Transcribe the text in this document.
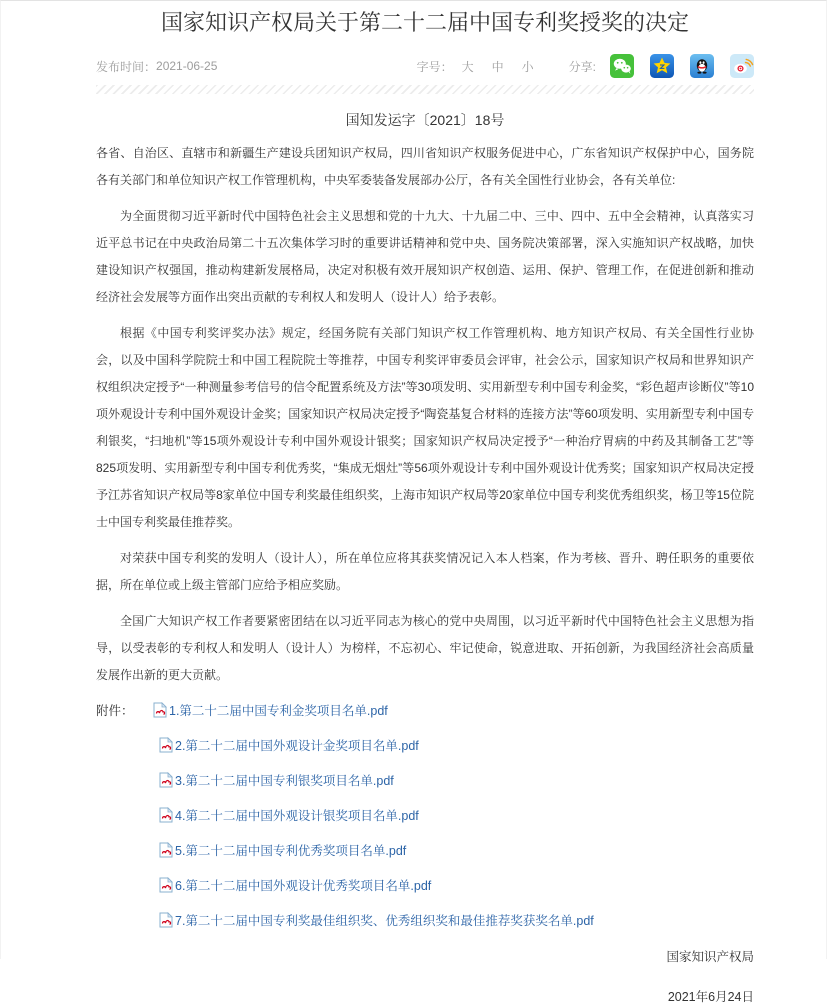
国家知识产权局关于第二十二届中国专利奖授奖的决定
发布时间： 2021-06-25	字号： 大 中 小	分享:
国知发运字〔2021〕18号

各省、自治区、直辖市和新疆生产建设兵团知识产权局，四川省知识产权服务促进中心，广东省知识产权保护中心，国务院各有关部门和单位知识产权工作管理机构，中央军委装备发展部办公厅，各有关全国性行业协会，各有关单位:

为全面贯彻习近平新时代中国特色社会主义思想和党的十九大、十九届二中、三中、四中、五中全会精神，认真落实习近平总书记在中央政治局第二十五次集体学习时的重要讲话精神和党中央、国务院决策部署，深入实施知识产权战略，加快建设知识产权强国，推动构建新发展格局，决定对积极有效开展知识产权创造、运用、保护、管理工作，在促进创新和推动经济社会发展等方面作出突出贡献的专利权人和发明人（设计人）给予表彰。

根据《中国专利奖评奖办法》规定，经国务院有关部门知识产权工作管理机构、地方知识产权局、有关全国性行业协会，以及中国科学院院士和中国工程院院士等推荐，中国专利奖评审委员会评审，社会公示，国家知识产权局和世界知识产权组织决定授予“一种测量参考信号的信令配置系统及方法”等30项发明、实用新型专利中国专利金奖，“彩色超声诊断仪”等10项外观设计专利中国外观设计金奖；国家知识产权局决定授予“陶瓷基复合材料的连接方法”等60项发明、实用新型专利中国专利银奖，“扫地机”等15项外观设计专利中国外观设计银奖；国家知识产权局决定授予“一种治疗胃病的中药及其制备工艺”等825项发明、实用新型专利中国专利优秀奖，“集成无烟灶”等56项外观设计专利中国外观设计优秀奖；国家知识产权局决定授予江苏省知识产权局等8家单位中国专利奖最佳组织奖，上海市知识产权局等20家单位中国专利奖优秀组织奖，杨卫等15位院士中国专利奖最佳推荐奖。

对荣获中国专利奖的发明人（设计人），所在单位应将其获奖情况记入本人档案，作为考核、晋升、聘任职务的重要依据，所在单位或上级主管部门应给予相应奖励。

全国广大知识产权工作者要紧密团结在以习近平同志为核心的党中央周围，以习近平新时代中国特色社会主义思想为指导，以受表彰的专利权人和发明人（设计人）为榜样，不忘初心、牢记使命，锐意进取、开拓创新，为我国经济社会高质量发展作出新的更大贡献。

附件：	1.第二十二届中国专利金奖项目名单.pdf
2.第二十二届中国外观设计金奖项目名单.pdf
3.第二十二届中国专利银奖项目名单.pdf
4.第二十二届中国外观设计银奖项目名单.pdf
5.第二十二届中国专利优秀奖项目名单.pdf
6.第二十二届中国外观设计优秀奖项目名单.pdf
7.第二十二届中国专利奖最佳组织奖、优秀组织奖和最佳推荐奖获奖名单.pdf
国家知识产权局
2021年6月24日
